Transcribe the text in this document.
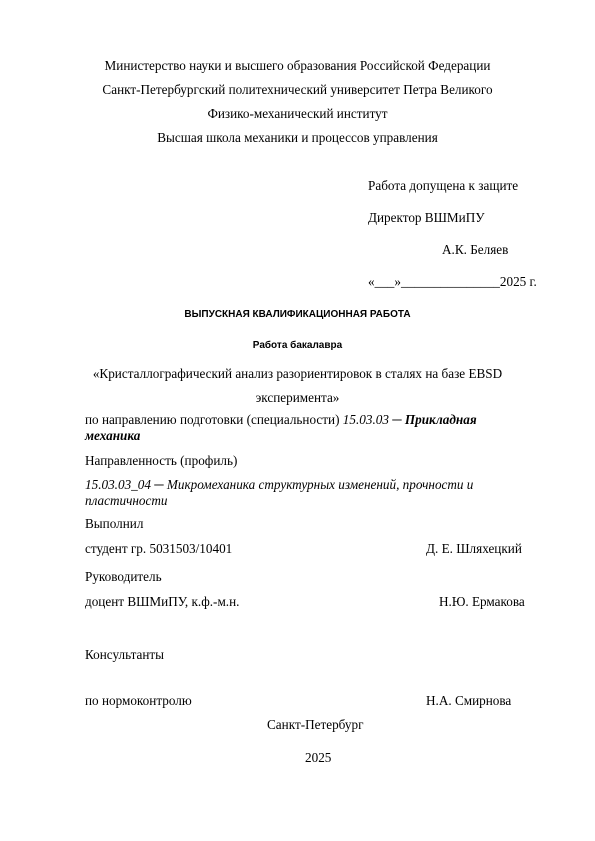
Министерство науки и высшего образования Российской Федерации
Санкт-Петербургский политехнический университет Петра Великого
Физико-механический институт
Высшая школа механики и процессов управления
Работа допущена к защите
Директор ВШМиПУ
А.К. Беляев
«___»_______________2025 г.
ВЫПУСКНАЯ КВАЛИФИКАЦИОННАЯ РАБОТА
Работа бакалавра
«Кристаллографический анализ разориентировок в сталях на базе EBSD
эксперимента»
по направлению подготовки (специальности) 15.03.03 ─ Прикладная
механика
Направленность (профиль)
15.03.03_04 ─ Микромеханика структурных изменений, прочности и
пластичности
Выполнил
студент гр. 5031503/10401	Д. Е. Шляхецкий
Руководитель
доцент ВШМиПУ, к.ф.-м.н.	Н.Ю. Ермакова
Консультанты
по нормоконтролю	Н.А. Смирнова
Санкт-Петербург
2025
